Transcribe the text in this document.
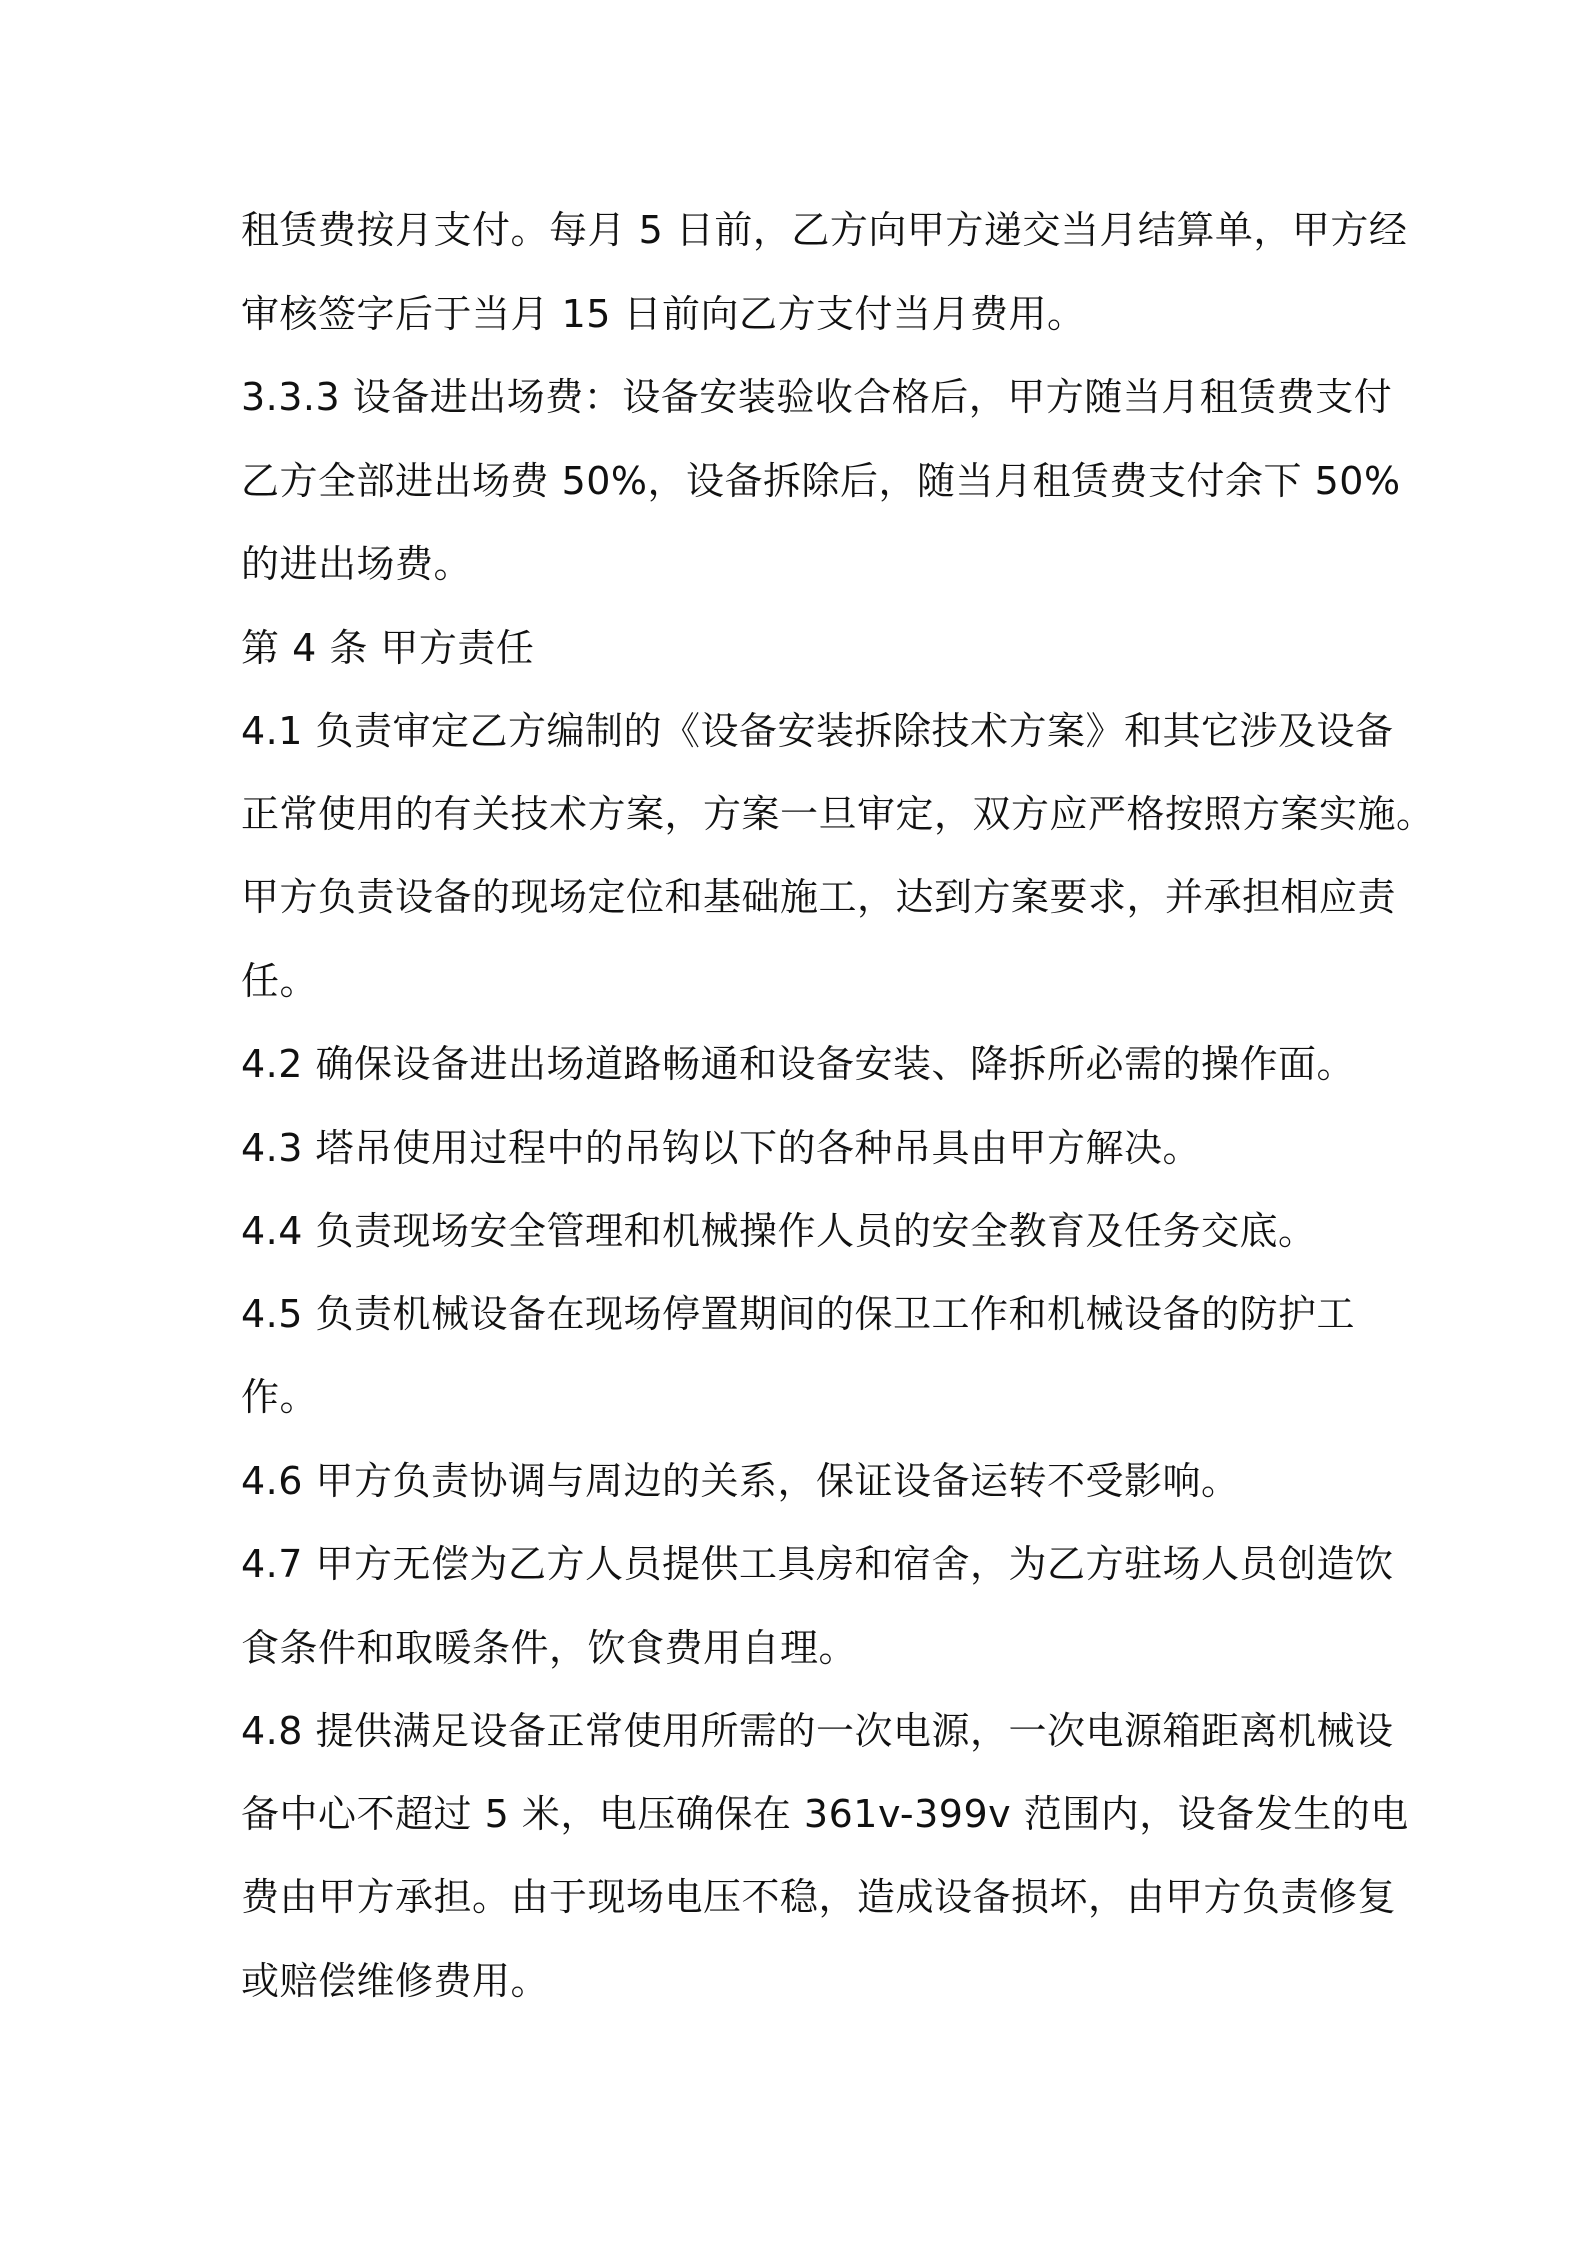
租赁费按月支付。每月 5 日前，乙方向甲方递交当月结算单，甲方经
审核签字后于当月 15 日前向乙方支付当月费用。
3.3.3 设备进出场费：设备安装验收合格后，甲方随当月租赁费支付
乙方全部进出场费 50%，设备拆除后，随当月租赁费支付余下 50%
的进出场费。
第 4 条 甲方责任
4.1 负责审定乙方编制的《设备安装拆除技术方案》和其它涉及设备
正常使用的有关技术方案，方案一旦审定，双方应严格按照方案实施。
甲方负责设备的现场定位和基础施工，达到方案要求，并承担相应责
任。
4.2 确保设备进出场道路畅通和设备安装、降拆所必需的操作面。
4.3 塔吊使用过程中的吊钩以下的各种吊具由甲方解决。
4.4 负责现场安全管理和机械操作人员的安全教育及任务交底。
4.5 负责机械设备在现场停置期间的保卫工作和机械设备的防护工
作。
4.6 甲方负责协调与周边的关系，保证设备运转不受影响。
4.7 甲方无偿为乙方人员提供工具房和宿舍，为乙方驻场人员创造饮
食条件和取暖条件，饮食费用自理。
4.8 提供满足设备正常使用所需的一次电源，一次电源箱距离机械设
备中心不超过 5 米，电压确保在 361v-399v 范围内，设备发生的电
费由甲方承担。由于现场电压不稳，造成设备损坏，由甲方负责修复
或赔偿维修费用。
